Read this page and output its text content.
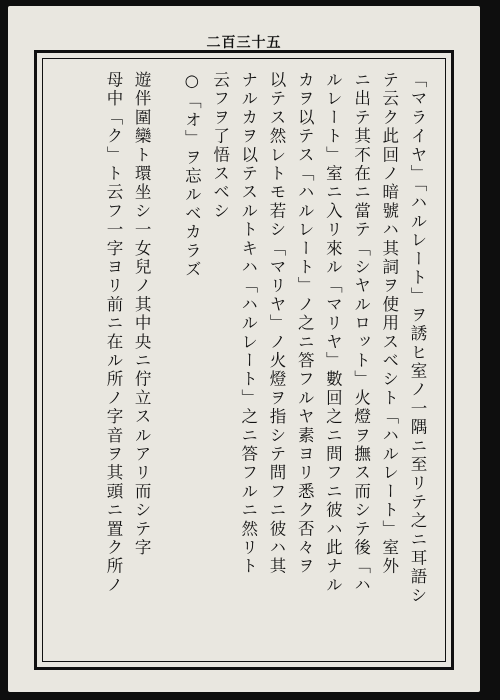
二百三十五
「マライヤ」「ハルレート」ヲ誘ヒ室ノ一隅ニ至リテ之ニ耳語シ
テ云ク此回ノ暗號ハ其詞ヲ使用スベシト「ハルレート」室外
ニ出テ其不在ニ當テ「シヤルロット」火燈ヲ撫ス而シテ後「ハ
ルレート」室ニ入リ來ル「マリヤ」數回之ニ問フニ彼ハ此ナル
カヲ以テス「ハルレート」ノ之ニ答フルヤ素ヨリ悉ク否々ヲ
以テス然レトモ若シ「マリヤ」ノ火燈ヲ指シテ問フニ彼ハ其
ナルカヲ以テスルトキハ「ハルレート」之ニ答フルニ然リト
云フヲ了悟スベシ
○「オ」ヲ忘ルベカラズ
遊伴圍欒ト環坐シ一女兒ノ其中央ニ佇立スルアリ而シテ字
母中「ク」ト云フ一字ヨリ前ニ在ル所ノ字音ヲ其頭ニ置ク所ノ
